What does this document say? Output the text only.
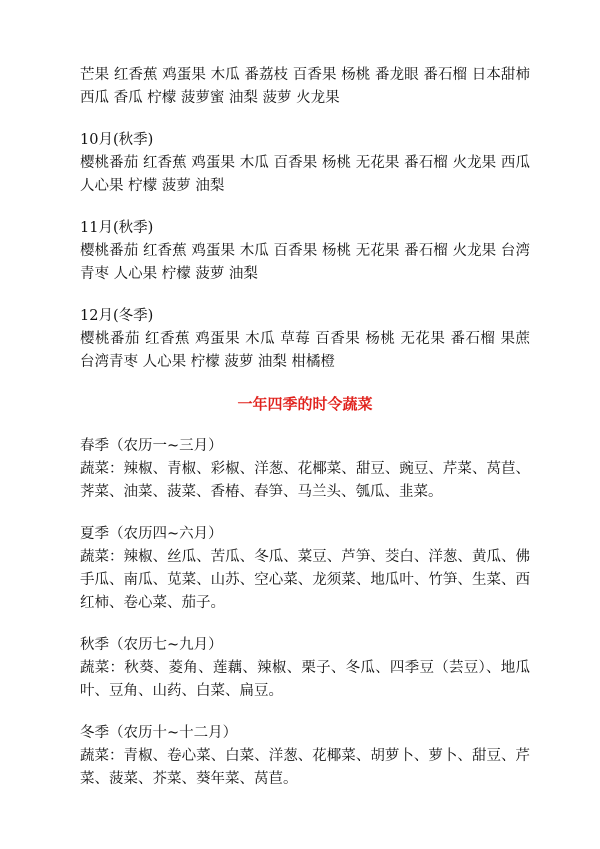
芒果 红香蕉 鸡蛋果 木瓜 番荔枝 百香果 杨桃 番龙眼 番石榴 日本甜柿 西瓜 香瓜 柠檬 菠萝蜜 油梨 菠萝 火龙果

10月(秋季)

樱桃番茄 红香蕉 鸡蛋果 木瓜 百香果 杨桃 无花果 番石榴 火龙果 西瓜 人心果 柠檬 菠萝 油梨

11月(秋季)

樱桃番茄 红香蕉 鸡蛋果 木瓜 百香果 杨桃 无花果 番石榴 火龙果 台湾青枣 人心果 柠檬 菠萝 油梨

12月(冬季)

樱桃番茄 红香蕉 鸡蛋果 木瓜 草莓 百香果 杨桃 无花果 番石榴 果蔗 台湾青枣 人心果 柠檬 菠萝 油梨 柑橘橙

一年四季的时令蔬菜

春季（农历一~三月）

蔬菜：辣椒、青椒、彩椒、洋葱、花椰菜、甜豆、豌豆、芹菜、莴苣、荠菜、油菜、菠菜、香椿、春笋、马兰头、瓠瓜、韭菜。

夏季（农历四~六月）

蔬菜：辣椒、丝瓜、苦瓜、冬瓜、菜豆、芦笋、茭白、洋葱、黄瓜、佛手瓜、南瓜、苋菜、山苏、空心菜、龙须菜、地瓜叶、竹笋、生菜、西红柿、卷心菜、茄子。

秋季（农历七~九月）

蔬菜：秋葵、菱角、莲藕、辣椒、栗子、冬瓜、四季豆（芸豆）、地瓜叶、豆角、山药、白菜、扁豆。

冬季（农历十~十二月）

蔬菜：青椒、卷心菜、白菜、洋葱、花椰菜、胡萝卜、萝卜、甜豆、芹菜、菠菜、芥菜、葵年菜、莴苣。
